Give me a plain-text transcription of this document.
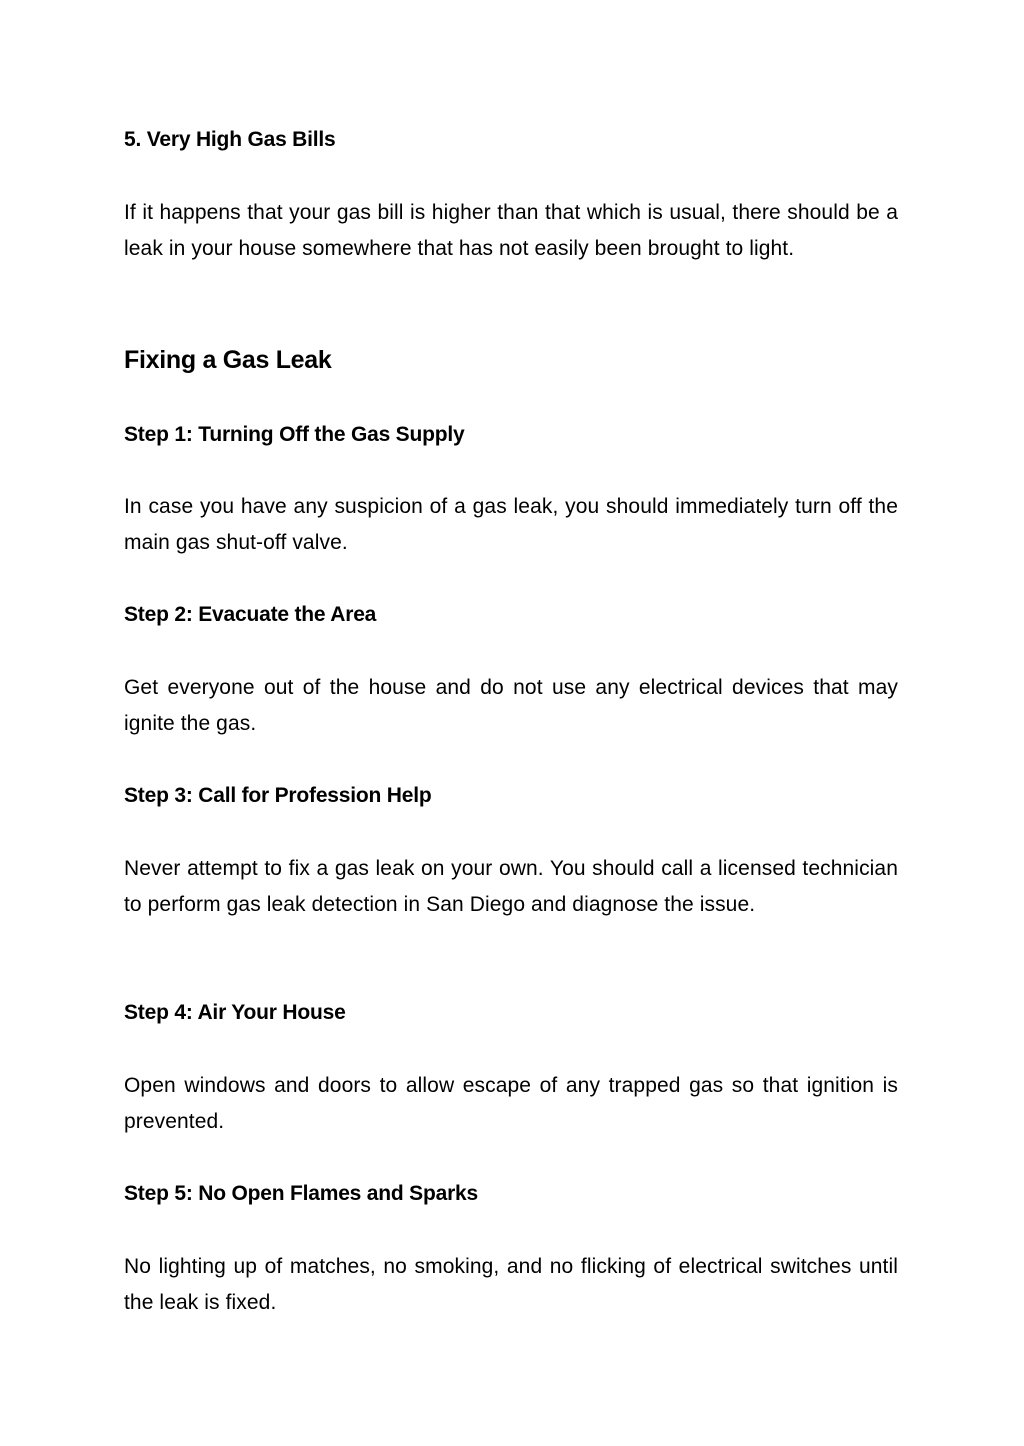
5. Very High Gas Bills

If it happens that your gas bill is higher than that which is usual, there should be a leak in your house somewhere that has not easily been brought to light.

Fixing a Gas Leak
Step 1: Turning Off the Gas Supply

In case you have any suspicion of a gas leak, you should immediately turn off the main gas shut-off valve.

Step 2: Evacuate the Area

Get everyone out of the house and do not use any electrical devices that may ignite the gas.

Step 3: Call for Profession Help

Never attempt to fix a gas leak on your own. You should call a licensed technician to perform gas leak detection in San Diego and diagnose the issue.

Step 4: Air Your House

Open windows and doors to allow escape of any trapped gas so that ignition is prevented.

Step 5: No Open Flames and Sparks

No lighting up of matches, no smoking, and no flicking of electrical switches until the leak is fixed.
